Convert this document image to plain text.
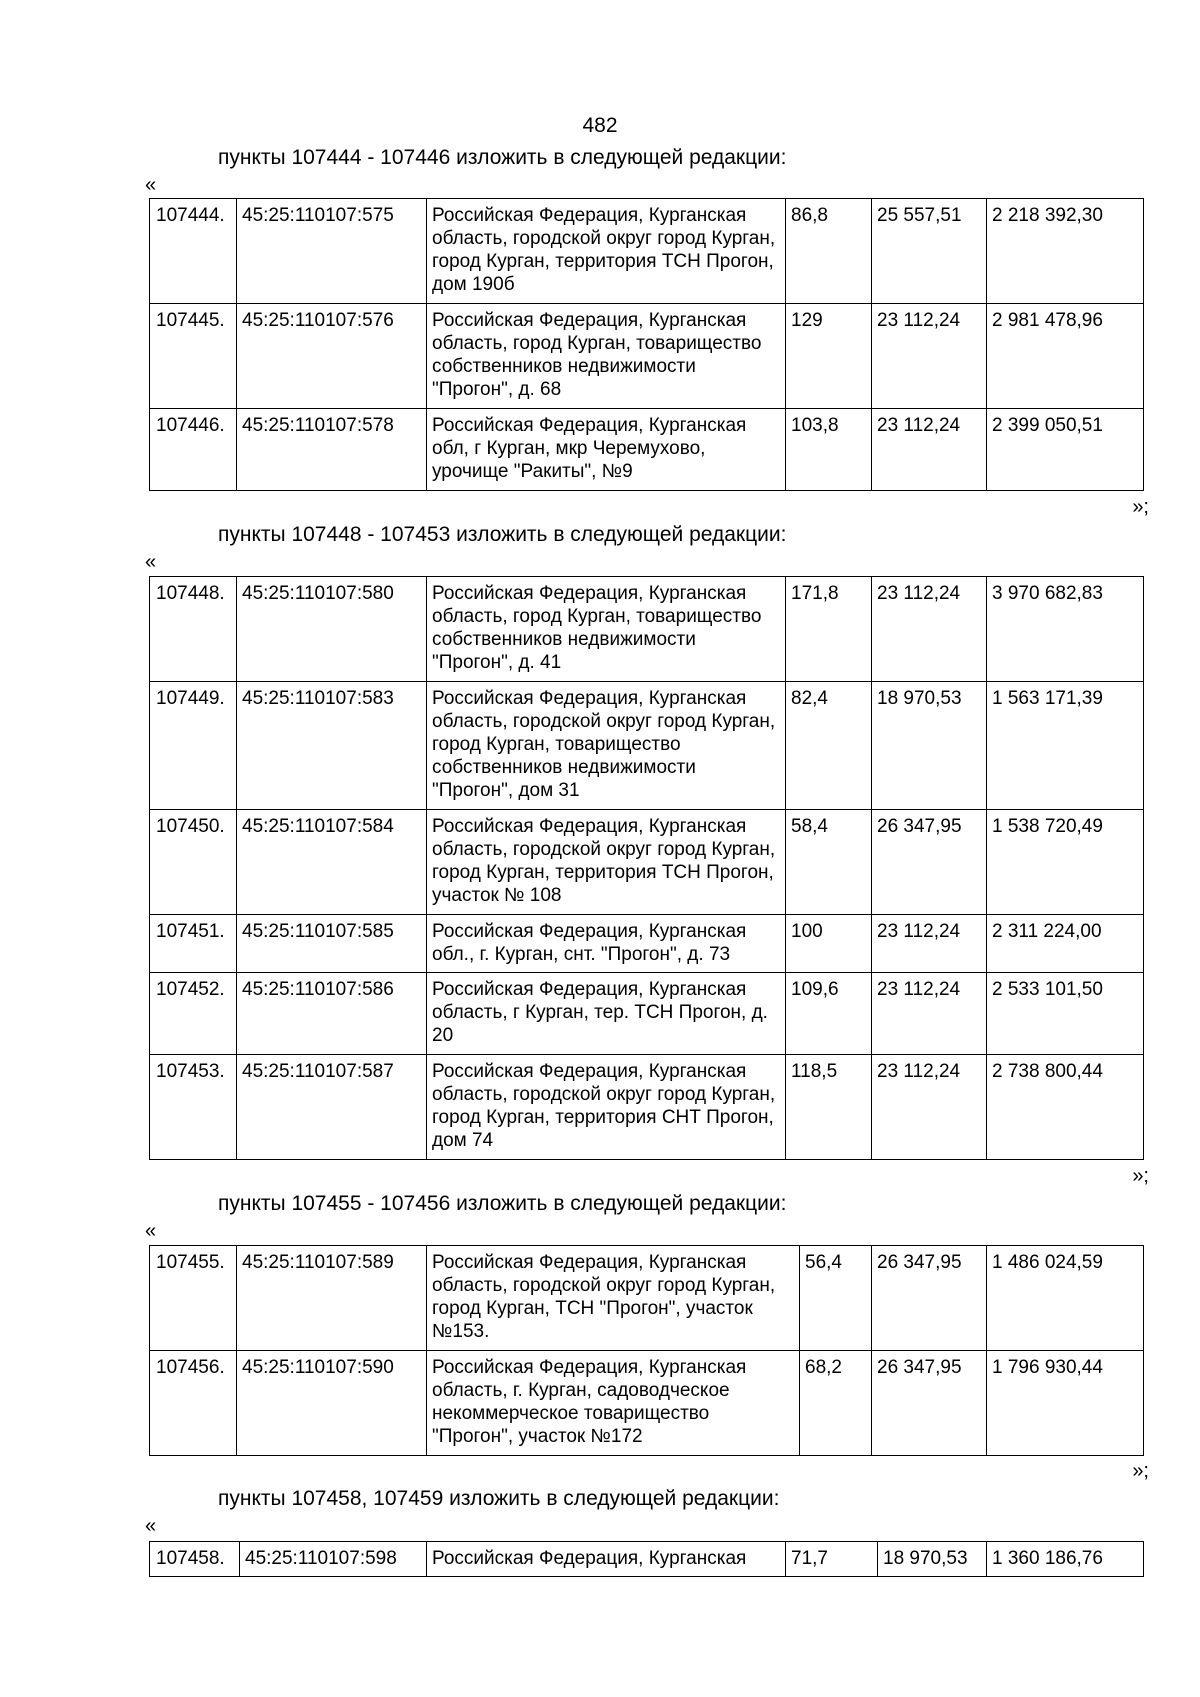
482
пункты 107444 - 107446 изложить в следующей редакции:
«
107444.	45:25:110107:575	Российская Федерация, Курганская область, городской округ город Курган, город Курган, территория ТСН Прогон, дом 190б	86,8	25 557,51	2 218 392,30
107445.	45:25:110107:576	Российская Федерация, Курганская область, город Курган, товарищество собственников недвижимости "Прогон", д. 68	129	23 112,24	2 981 478,96
107446.	45:25:110107:578	Российская Федерация, Курганская обл, г Курган, мкр Черемухово, урочище "Ракиты", №9	103,8	23 112,24	2 399 050,51
»;
пункты 107448 - 107453 изложить в следующей редакции:
«
107448.	45:25:110107:580	Российская Федерация, Курганская область, город Курган, товарищество собственников недвижимости "Прогон", д. 41	171,8	23 112,24	3 970 682,83
107449.	45:25:110107:583	Российская Федерация, Курганская область, городской округ город Курган, город Курган, товарищество собственников недвижимости "Прогон", дом 31	82,4	18 970,53	1 563 171,39
107450.	45:25:110107:584	Российская Федерация, Курганская область, городской округ город Курган, город Курган, территория ТСН Прогон, участок № 108	58,4	26 347,95	1 538 720,49
107451.	45:25:110107:585	Российская Федерация, Курганская обл., г. Курган, снт. "Прогон", д. 73	100	23 112,24	2 311 224,00
107452.	45:25:110107:586	Российская Федерация, Курганская область, г Курган, тер. ТСН Прогон, д. 20	109,6	23 112,24	2 533 101,50
107453.	45:25:110107:587	Российская Федерация, Курганская область, городской округ город Курган, город Курган, территория СНТ Прогон, дом 74	118,5	23 112,24	2 738 800,44
»;
пункты 107455 - 107456 изложить в следующей редакции:
«
107455.	45:25:110107:589	Российская Федерация, Курганская область, городской округ город Курган, город Курган, ТСН "Прогон", участок №153.	56,4	26 347,95	1 486 024,59
107456.	45:25:110107:590	Российская Федерация, Курганская область, г. Курган, садоводческое некоммерческое товарищество "Прогон", участок №172	68,2	26 347,95	1 796 930,44
»;
пункты 107458, 107459 изложить в следующей редакции:
«
107458.	45:25:110107:598	Российская Федерация, Курганская	71,7	18 970,53	1 360 186,76
